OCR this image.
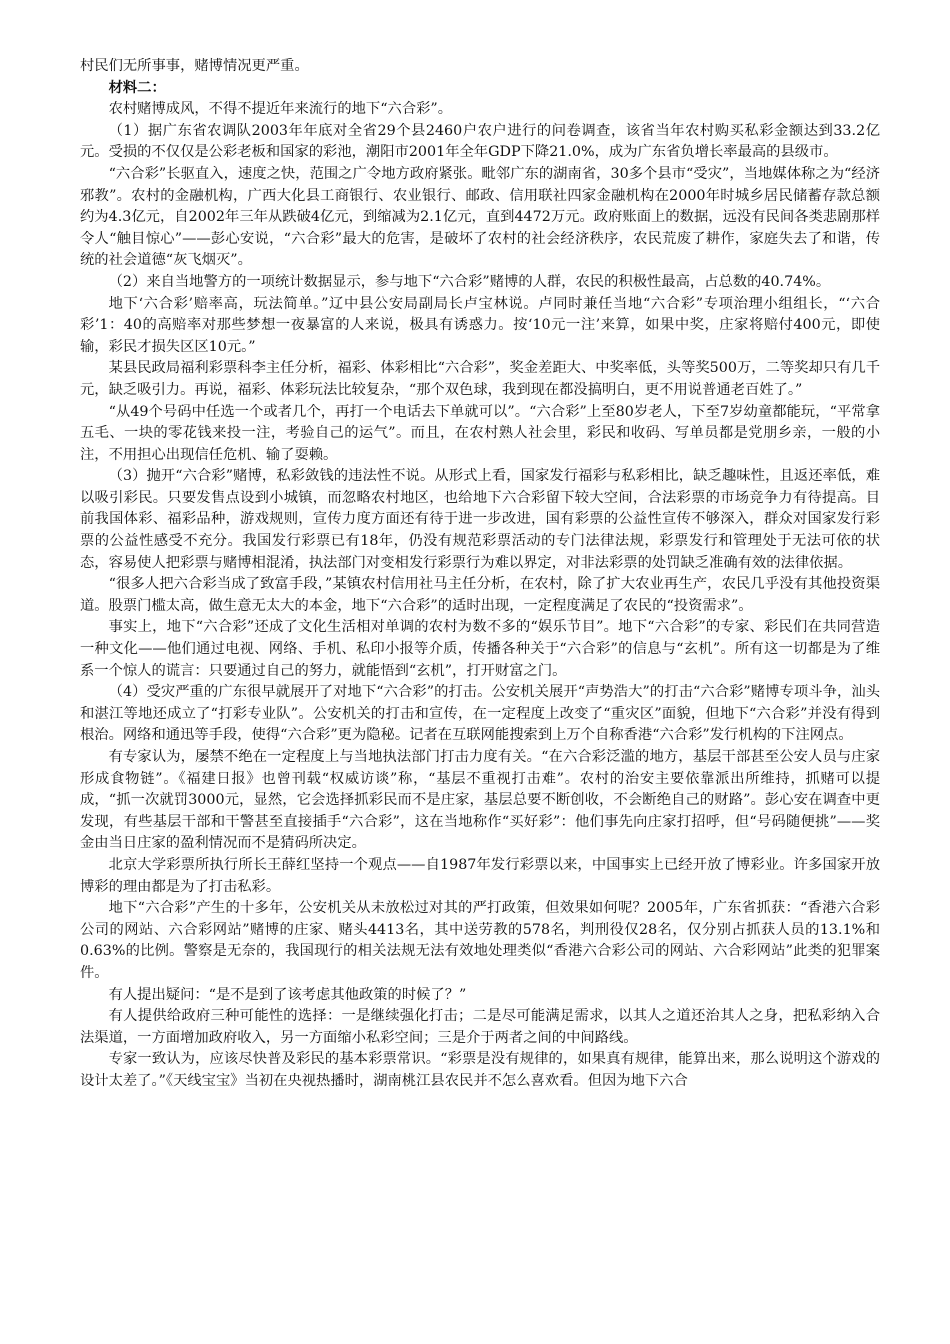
村民们无所事事，赌博情况更严重。

材料二：

农村赌博成风，不得不提近年来流行的地下“六合彩”。

（1）据广东省农调队2003年年底对全省29个县2460户农户进行的问卷调查，该省当年农村购买私彩金额达到33.2亿元。受损的不仅仅是公彩老板和国家的彩池，潮阳市2001年全年GDP下降21.0%，成为广东省负增长率最高的县级市。

“六合彩”长驱直入，速度之快，范围之广令地方政府紧张。毗邻广东的湖南省，30多个县市“受灾”，当地媒体称之为“经济邪教”。农村的金融机构，广西大化县工商银行、农业银行、邮政、信用联社四家金融机构在2000年时城乡居民储蓄存款总额约为4.3亿元，自2002年三年从跌破4亿元，到缩减为2.1亿元，直到4472万元。政府账面上的数据，远没有民间各类悲剧那样令人“触目惊心”——彭心安说，“六合彩”最大的危害，是破坏了农村的社会经济秩序，农民荒废了耕作，家庭失去了和谐，传统的社会道德“灰飞烟灭”。

（2）来自当地警方的一项统计数据显示，参与地下“六合彩”赌博的人群，农民的积极性最高，占总数的40.74%。

地下‘六合彩’赔率高，玩法简单。”辽中县公安局副局长卢宝林说。卢同时兼任当地“六合彩”专项治理小组组长，“‘六合彩’1：40的高赔率对那些梦想一夜暴富的人来说，极具有诱惑力。按‘10元一注’来算，如果中奖，庄家将赔付400元，即使输，彩民才损失区区10元。”

某县民政局福利彩票科李主任分析，福彩、体彩相比“六合彩”，奖金差距大、中奖率低，头等奖500万，二等奖却只有几千元，缺乏吸引力。再说，福彩、体彩玩法比较复杂，“那个双色球，我到现在都没搞明白，更不用说普通老百姓了。”

“从49个号码中任选一个或者几个，再打一个电话去下单就可以”。“六合彩”上至80岁老人，下至7岁幼童都能玩，“平常拿五毛、一块的零花钱来投一注，考验自己的运气”。而且，在农村熟人社会里，彩民和收码、写单员都是党朋乡亲，一般的小注，不用担心出现信任危机、输了耍赖。

（3）抛开“六合彩”赌博，私彩敛钱的违法性不说。从形式上看，国家发行福彩与私彩相比，缺乏趣味性，且返还率低，难以吸引彩民。只要发售点设到小城镇，而忽略农村地区，也给地下六合彩留下较大空间，合法彩票的市场竞争力有待提高。目前我国体彩、福彩品种，游戏规则，宣传力度方面还有待于进一步改进，国有彩票的公益性宣传不够深入，群众对国家发行彩票的公益性感受不充分。我国发行彩票已有18年，仍没有规范彩票活动的专门法律法规，彩票发行和管理处于无法可依的状态，容易使人把彩票与赌博相混淆，执法部门对变相发行彩票行为难以界定，对非法彩票的处罚缺乏准确有效的法律依据。

“很多人把六合彩当成了致富手段，”某镇农村信用社马主任分析，在农村，除了扩大农业再生产，农民几乎没有其他投资渠道。股票门槛太高，做生意无太大的本金，地下“六合彩”的适时出现，一定程度满足了农民的“投资需求”。

事实上，地下“六合彩”还成了文化生活相对单调的农村为数不多的“娱乐节目”。地下“六合彩”的专家、彩民们在共同营造一种文化——他们通过电视、网络、手机、私印小报等介质，传播各种关于“六合彩”的信息与“玄机”。所有这一切都是为了维系一个惊人的谎言：只要通过自己的努力，就能悟到“玄机”，打开财富之门。

（4）受灾严重的广东很早就展开了对地下“六合彩”的打击。公安机关展开“声势浩大”的打击“六合彩”赌博专项斗争，汕头和湛江等地还成立了“打彩专业队”。公安机关的打击和宣传，在一定程度上改变了“重灾区”面貌，但地下“六合彩”并没有得到根治。网络和通迅等手段，使得“六合彩”更为隐秘。记者在互联网能搜索到上万个自称香港“六合彩”发行机构的下注网点。

有专家认为，屡禁不绝在一定程度上与当地执法部门打击力度有关。“在六合彩泛滥的地方，基层干部甚至公安人员与庄家形成食物链”。《福建日报》也曾刊载“权威访谈”称，“基层不重视打击难”。农村的治安主要依靠派出所维持，抓赌可以提成，“抓一次就罚3000元，显然，它会选择抓彩民而不是庄家，基层总要不断创收，不会断绝自己的财路”。彭心安在调查中更发现，有些基层干部和干警甚至直接插手“六合彩”，这在当地称作“买好彩”：他们事先向庄家打招呼，但“号码随便挑”——奖金由当日庄家的盈利情况而不是猜码所决定。

北京大学彩票所执行所长王薛红坚持一个观点——自1987年发行彩票以来，中国事实上已经开放了博彩业。许多国家开放博彩的理由都是为了打击私彩。

地下“六合彩”产生的十多年，公安机关从未放松过对其的严打政策，但效果如何呢？2005年，广东省抓获：“香港六合彩公司的网站、六合彩网站”赌博的庄家、赌头4413名，其中送劳教的578名，判刑役仅28名，仅分别占抓获人员的13.1%和0.63%的比例。警察是无奈的，我国现行的相关法规无法有效地处理类似“香港六合彩公司的网站、六合彩网站”此类的犯罪案件。

有人提出疑问：“是不是到了该考虑其他政策的时候了？”

有人提供给政府三种可能性的选择：一是继续强化打击；二是尽可能满足需求，以其人之道还治其人之身，把私彩纳入合法渠道，一方面增加政府收入，另一方面缩小私彩空间；三是介于两者之间的中间路线。

专家一致认为，应该尽快普及彩民的基本彩票常识。“彩票是没有规律的，如果真有规律，能算出来，那么说明这个游戏的设计太差了。”《天线宝宝》当初在央视热播时，湖南桃江县农民并不怎么喜欢看。但因为地下六合
